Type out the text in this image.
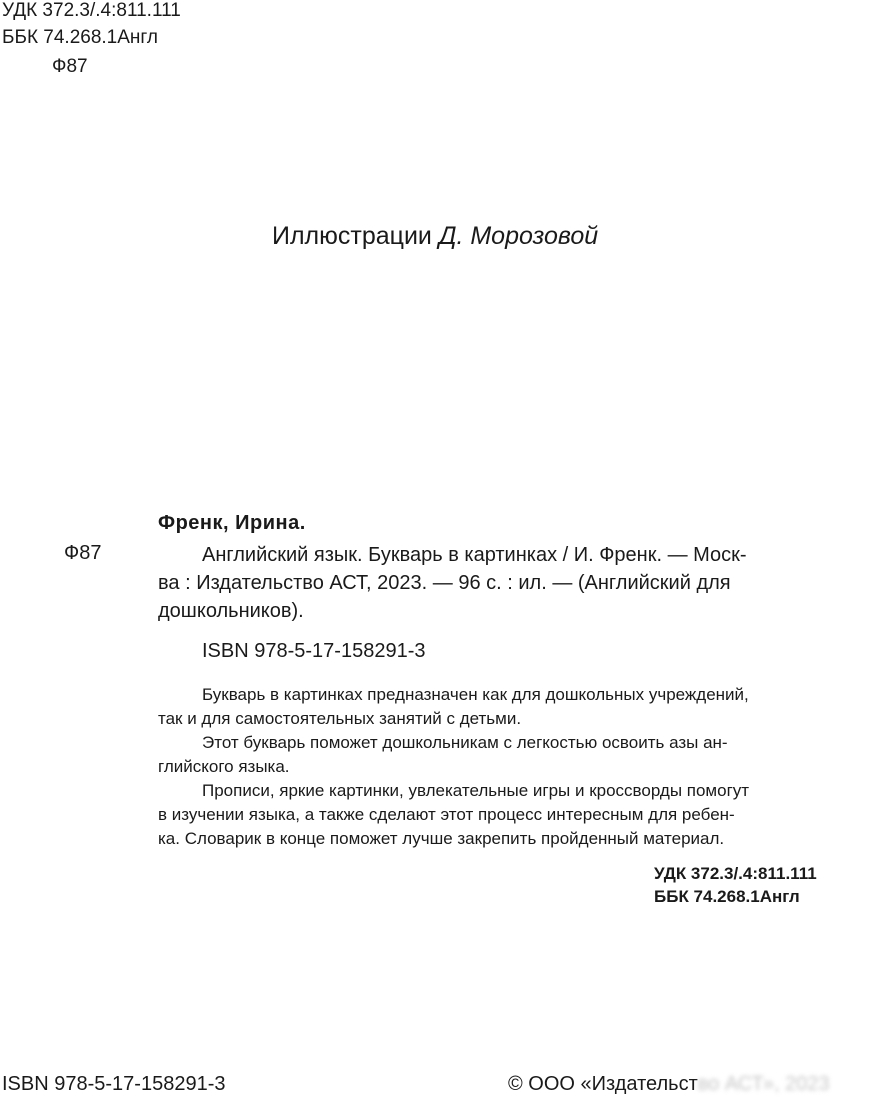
УДК 372.3/.4:811.111
ББК 74.268.1Англ
Ф87
Иллюстрации Д. Морозовой
Френк, Ирина.
Ф87	Английский язык. Букварь в картинках / И. Френк. — Моск-
ва : Издательство АСТ, 2023. — 96 с. : ил. — (Английский для
дошкольников).
ISBN 978-5-17-158291-3
Букварь в картинках предназначен как для дошкольных учреждений,
так и для самостоятельных занятий с детьми.
Этот букварь поможет дошкольникам с легкостью освоить азы ан-
глийского языка.
Прописи, яркие картинки, увлекательные игры и кроссворды помогут
в изучении языка, а также сделают этот процесс интересным для ребен-
ка. Словарик в конце поможет лучше закрепить пройденный материал.
УДК 372.3/.4:811.111
ББК 74.268.1Англ
ISBN 978-5-17-158291-3	© ООО «Издательство АСТ», 2023
